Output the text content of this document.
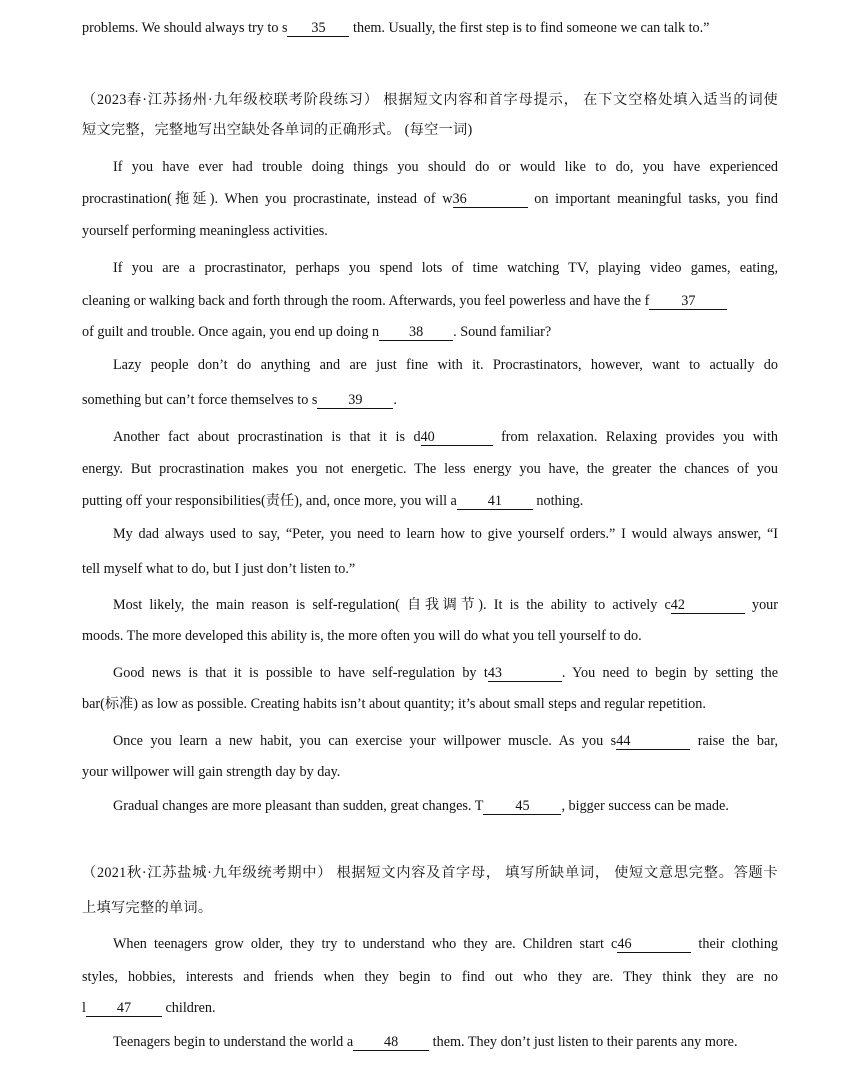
problems. We should always try to s 35 them. Usually, the first step is to find someone we can talk to.”
（2023春·江苏扬州·九年级校联考阶段练习） 根据短文内容和首字母提示， 在下文空格处填入适当的词使
短文完整，完整地写出空缺处各单词的正确形式。 (每空一词)
If you have ever had trouble doing things you should do or would like to do, you have experienced
procrastination(拖延). When you procrastinate, instead of w36	on important meaningful tasks, you find
yourself performing meaningless activities.
If you are a procrastinator, perhaps you spend lots of time watching TV, playing video games, eating,
cleaning or walking back and forth through the room. Afterwards, you feel powerless and have the f 37
of guilt and trouble. Once again, you end up doing n 38 . Sound familiar?
Lazy people don’t do anything and are just fine with it. Procrastinators, however, want to actually do
something but can’t force themselves to s 39 .
Another fact about procrastination is that it is d40	from relaxation. Relaxing provides you with
energy. But procrastination makes you not energetic. The less energy you have, the greater the chances of you
putting off your responsibilities(责任), and, once more, you will a 41 nothing.
My dad always used to say, “Peter, you need to learn how to give yourself orders.” I would always answer, “I
tell myself what to do, but I just don’t listen to.”
Most likely, the main reason is self-regulation( 自我调节). It is the ability to actively c42	your
moods. The more developed this ability is, the more often you will do what you tell yourself to do.
Good news is that it is possible to have self-regulation by t43	. You need to begin by setting the
bar(标准) as low as possible. Creating habits isn’t about quantity; it’s about small steps and regular repetition.
Once you learn a new habit, you can exercise your willpower muscle. As you s44	raise the bar,
your willpower will gain strength day by day.
Gradual changes are more pleasant than sudden, great changes. T 45 , bigger success can be made.
（2021秋·江苏盐城·九年级统考期中） 根据短文内容及首字母， 填写所缺单词， 使短文意思完整。答题卡
上填写完整的单词。
When teenagers grow older, they try to understand who they are. Children start c46	their clothing
styles, hobbies, interests and friends when they begin to find out who they are. They think they are no
l 47 children.
Teenagers begin to understand the world a 48 them. They don’t just listen to their parents any more.
